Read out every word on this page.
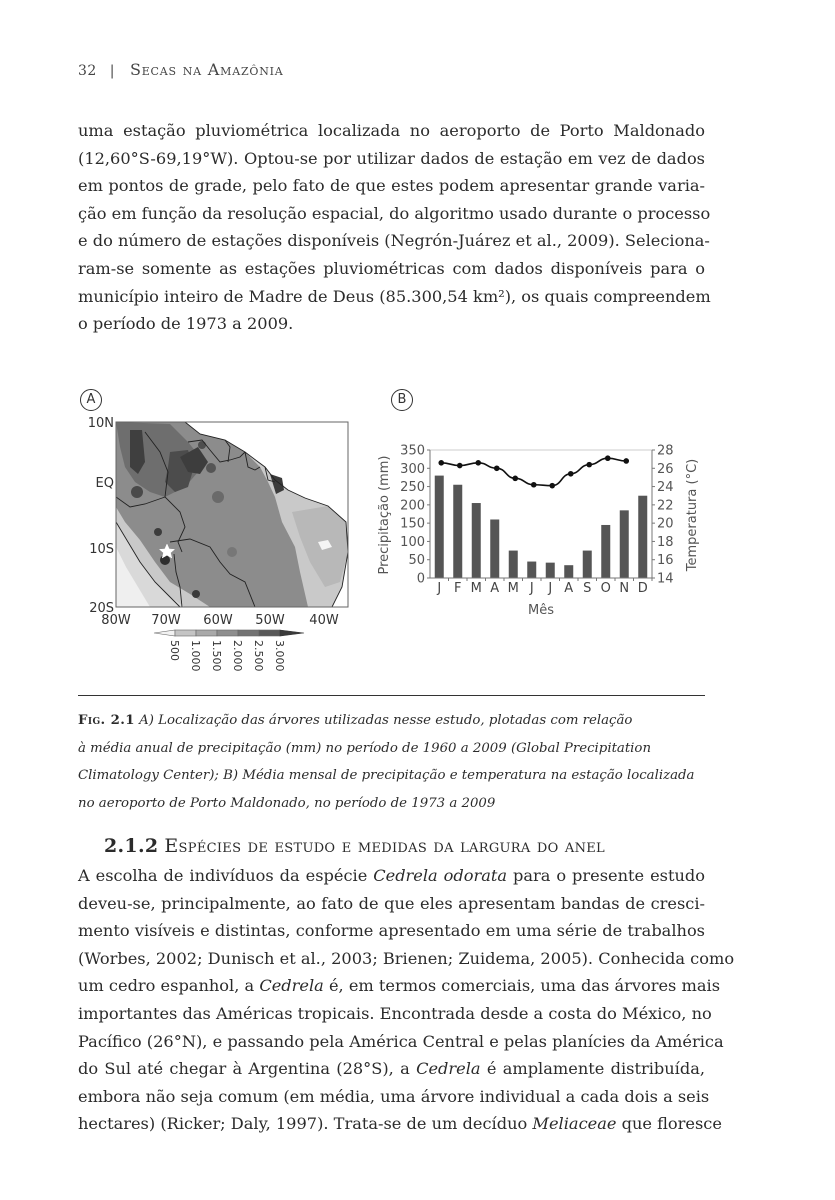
32 | Secas na Amazônia
uma estação pluviométrica localizada no aeroporto de Porto Maldonado
(12,60°S-69,19°W). Optou-se por utilizar dados de estação em vez de dados
em pontos de grade, pelo fato de que estes podem apresentar grande varia-
ção em função da resolução espacial, do algoritmo usado durante o processo
e do número de estações disponíveis (Negrón-Juárez et al., 2009). Seleciona-
ram-se somente as estações pluviométricas com dados disponíveis para o
município inteiro de Madre de Deus (85.300,54 km²), os quais compreendem
o período de 1973 a 2009.
A
10N
EQ
10S
20S
80W 70W 60W 50W 40W
500 1.000 1.500 2.000 2.500 3.000
B
0
50
100
150
200
250
300
350
14
16
18
20
22
24
26
28
J F M A M J J A S O N D
Precipitação (mm)	Temperatura (°C)
Mês
Fig. 2.1 A) Localização das árvores utilizadas nesse estudo, plotadas com relação
à média anual de precipitação (mm) no período de 1960 a 2009 (Global Precipitation
Climatology Center); B) Média mensal de precipitação e temperatura na estação localizada
no aeroporto de Porto Maldonado, no período de 1973 a 2009
2.1.2 Espécies de estudo e medidas da largura do anel
A escolha de indivíduos da espécie Cedrela odorata para o presente estudo
deveu-se, principalmente, ao fato de que eles apresentam bandas de cresci-
mento visíveis e distintas, conforme apresentado em uma série de trabalhos
(Worbes, 2002; Dunisch et al., 2003; Brienen; Zuidema, 2005). Conhecida como
um cedro espanhol, a Cedrela é, em termos comerciais, uma das árvores mais
importantes das Américas tropicais. Encontrada desde a costa do México, no
Pacífico (26°N), e passando pela América Central e pelas planícies da América
do Sul até chegar à Argentina (28°S), a Cedrela é amplamente distribuída,
embora não seja comum (em média, uma árvore individual a cada dois a seis
hectares) (Ricker; Daly, 1997). Trata-se de um decíduo Meliaceae que floresce
